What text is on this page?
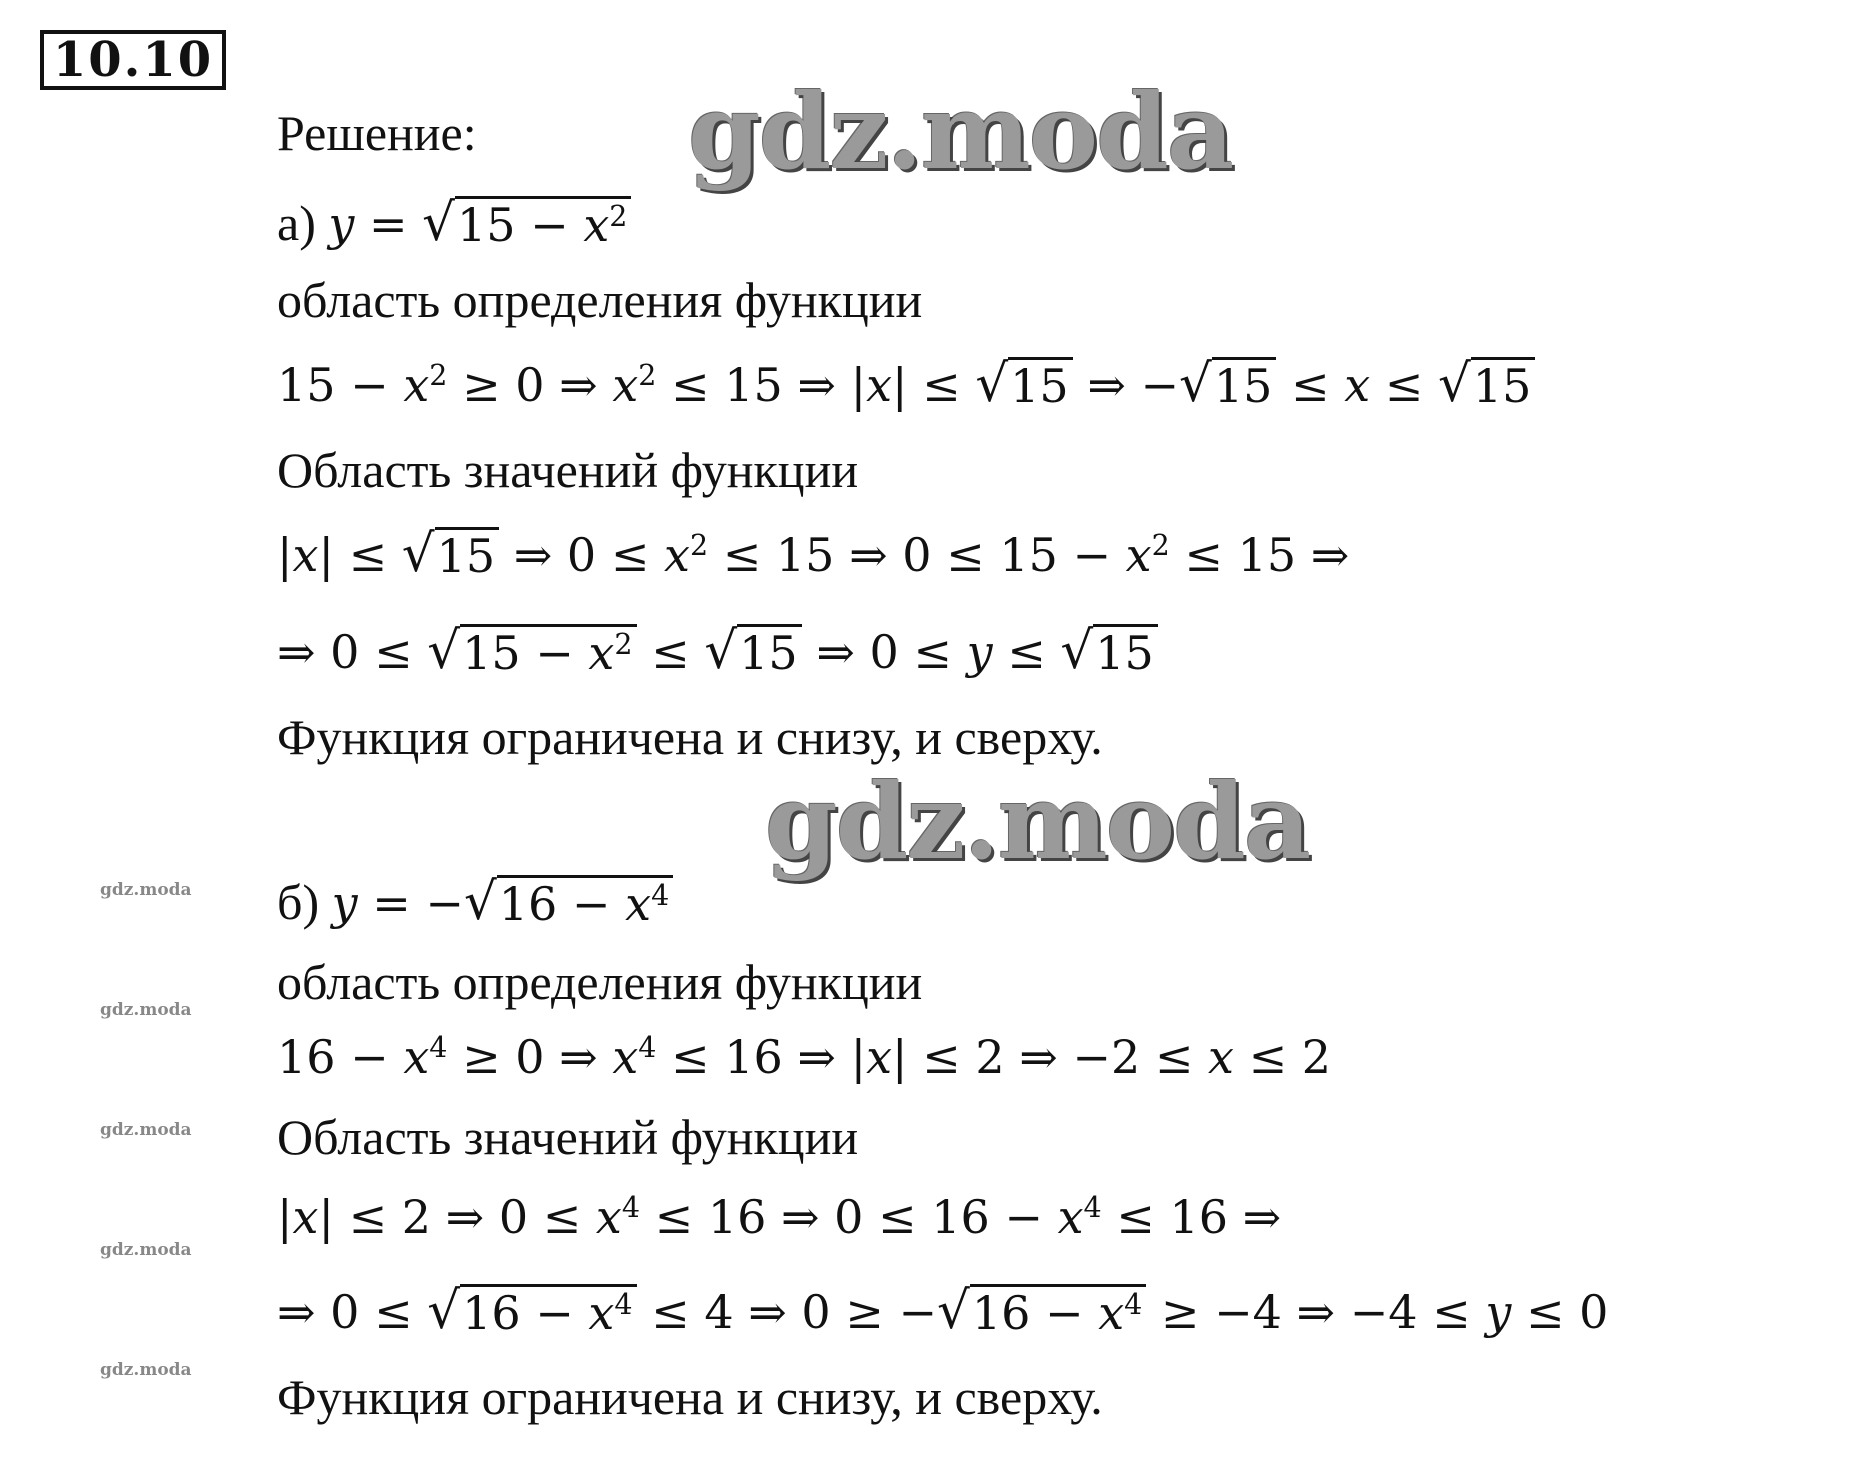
10.10
gdz.moda
gdz.moda
gdz.moda
gdz.moda
gdz.moda
gdz.moda
gdz.moda
Решение:
а) y = √ $15 - x^2$
область определения функции
$15 - x^2 \ge 0$ ⇒ $x^2 \le 15$ ⇒ |x| ≤ √ 15 ⇒ − √ 15 ≤ x ≤ √ 15
Область значений функции
|x| ≤ √ 15 ⇒ $0 \le x^2 \le 15$ ⇒ $0 \le 15 - x^2 \le 15$ ⇒
⇒ 0 ≤ √ $15 - x^2$ ≤ √ 15 ⇒ 0 ≤ y ≤ √ 15
Функция ограничена и снизу, и сверху.
б) y = − √ $16 - x^4$
область определения функции
$16 - x^4 \ge 0$ ⇒ $x^4 \le 16$ ⇒ |x| ≤ 2 ⇒ −2 ≤ x ≤ 2
Область значений функции
|x| ≤ 2 ⇒ $0 \le x^4 \le 16$ ⇒ $0 \le 16 - x^4 \le 16$ ⇒
⇒ 0 ≤ √ $16 - x^4 \le 4$ ⇒ 0 ≥ − √ $16 - x^4 \ge -4$ ⇒ −4 ≤ y ≤ 0
Функция ограничена и снизу, и сверху.
